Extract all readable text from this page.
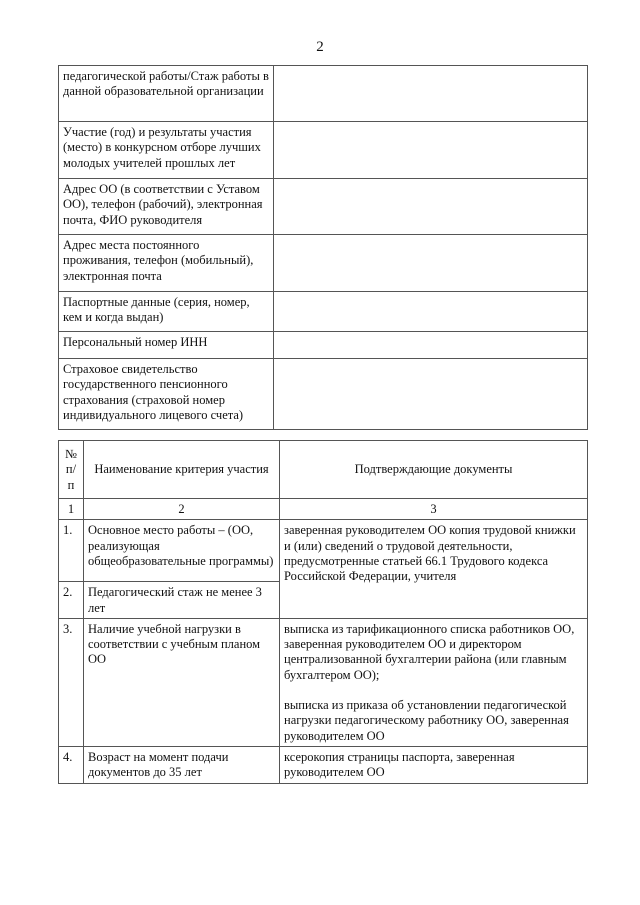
2
педагогической работы/Стаж работы в данной образовательной организации	
Участие (год) и результаты участия (место) в конкурсном отборе лучших молодых учителей прошлых лет	
Адрес ОО (в соответствии с Уставом ОО), телефон (рабочий), электронная почта, ФИО руководителя	
Адрес места постоянного проживания, телефон (мобильный), электронная почта	
Паспортные данные (серия, номер, кем и когда выдан)	
Персональный номер ИНН	
Страховое свидетельство государственного пенсионного страхования (страховой номер индивидуального лицевого счета)	
№ п/ п	Наименование критерия участия	Подтверждающие документы
1	2	3
1.	Основное место работы – (ОО, реализующая общеобразовательные программы)	заверенная руководителем ОО копия трудовой книжки и (или) сведений о трудовой деятельности, предусмотренные статьей 66.1 Трудового кодекса Российской Федерации, учителя
2.	Педагогический стаж не менее 3 лет	
3.	Наличие учебной нагрузки в соответствии с учебным планом ОО	выписка из тарификационного списка работников ОО, заверенная руководителем ОО и директором централизованной бухгалтерии района (или главным бухгалтером ОО);
выписка из приказа об установлении педагогической нагрузки педагогическому работнику ОО, заверенная руководителем ОО
4.	Возраст на момент подачи документов до 35 лет	ксерокопия страницы паспорта, заверенная руководителем ОО
